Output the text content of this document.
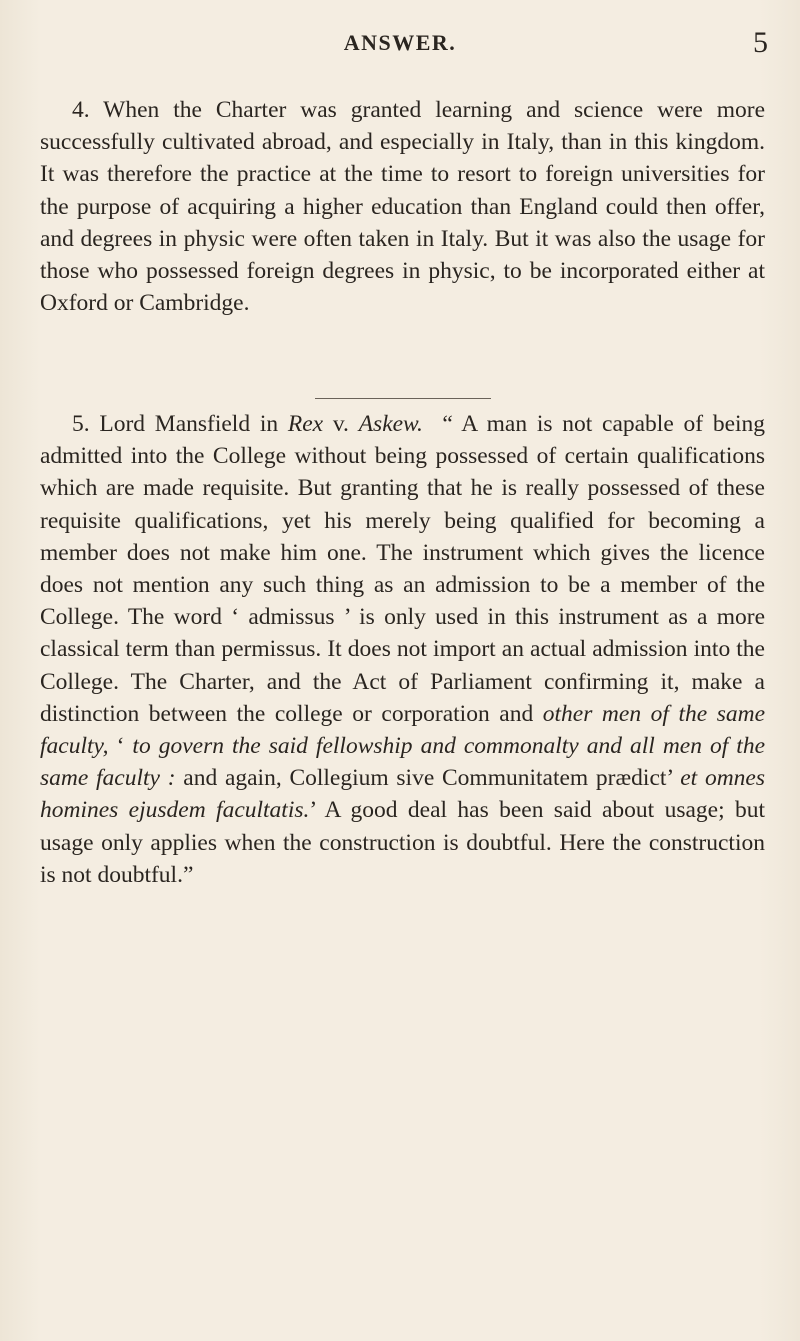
ANSWER.	5

4. When the Charter was granted learning and science were more successfully cultivated abroad, and especially in Italy, than in this kingdom. It was therefore the practice at the time to resort to foreign universities for the purpose of acquiring a higher education than England could then offer, and degrees in physic were often taken in Italy. But it was also the usage for those who possessed foreign degrees in physic, to be incorporated either at Oxford or Cambridge.

5. Lord Mansfield in Rex v. Askew. “ A man is not capable of being admitted into the College without being possessed of certain qualifications which are made requisite. But granting that he is really possessed of these requisite qualifications, yet his merely being qualified for becoming a member does not make him one. The instrument which gives the licence does not mention any such thing as an admission to be a member of the College. The word ‘ admissus ’ is only used in this instrument as a more classical term than permissus. It does not import an actual admission into the College. The Charter, and the Act of Parliament confirming it, make a distinction between the college or corporation and other men of the same faculty, ‘ to govern the said fellowship and commonalty and all men of the same faculty : and again, Collegium sive Communitatem prædict’ et omnes homines ejusdem facultatis.’ A good deal has been said about usage; but usage only applies when the construction is doubtful. Here the construction is not doubtful.”
